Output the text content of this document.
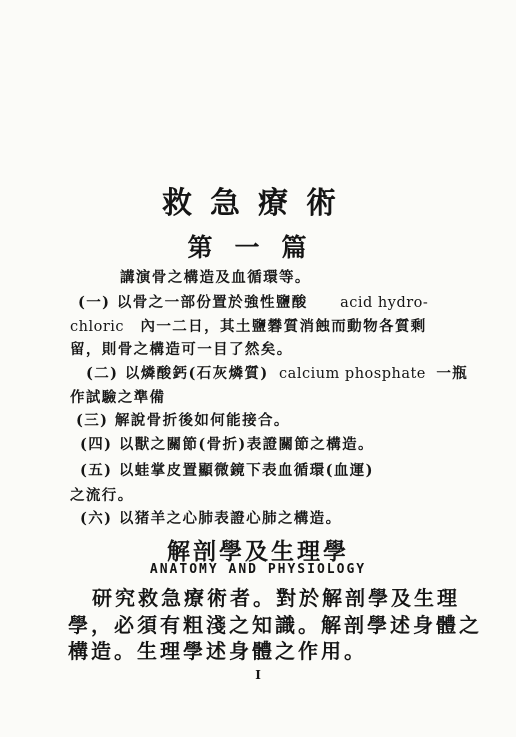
救急療術
第一篇
講演骨之構造及血循環等。
(一) 以骨之一部份置於強性鹽酸 acid hydro-
chloric 內一二日，其土鹽礬質消蝕而動物各質剩
留，則骨之構造可一目了然矣。
(二) 以燐酸鈣(石灰燐質) calcium phosphate 一瓶
作試驗之準備
(三) 解說骨折後如何能接合。
(四) 以獸之關節(骨折)表證關節之構造。
(五) 以蛙掌皮置顯微鏡下表血循環(血運)
之流行。
(六) 以猪羊之心肺表證心肺之構造。
解剖學及生理學
ANATOMY AND PHYSIOLOGY
研究救急療術者。對於解剖學及生理
學，必須有粗淺之知識。解剖學述身體之
構造。生理學述身體之作用。
I
